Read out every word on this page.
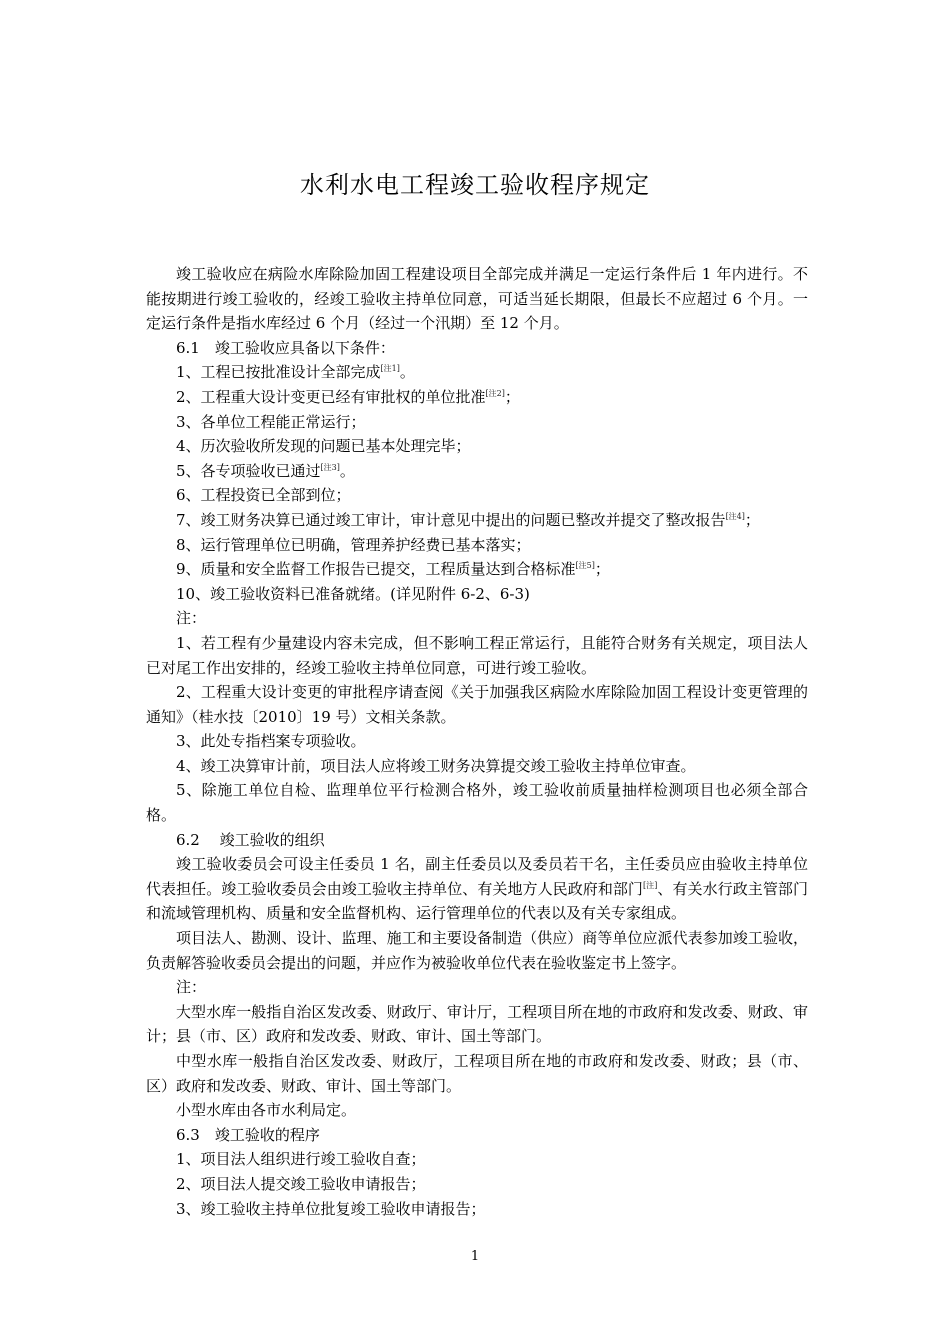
水利水电工程竣工验收程序规定

竣工验收应在病险水库除险加固工程建设项目全部完成并满足一定运行条件后 1 年内进行。不能按期进行竣工验收的，经竣工验收主持单位同意，可适当延长期限，但最长不应超过 6 个月。一定运行条件是指水库经过 6 个月（经过一个汛期）至 12 个月。

6.1　竣工验收应具备以下条件：

1、工程已按批准设计全部完成[注1]。

2、工程重大设计变更已经有审批权的单位批准[注2]；

3、各单位工程能正常运行；

4、历次验收所发现的问题已基本处理完毕；

5、各专项验收已通过[注3]。

6、工程投资已全部到位；

7、竣工财务决算已通过竣工审计，审计意见中提出的问题已整改并提交了整改报告[注4]；

8、运行管理单位已明确，管理养护经费已基本落实；

9、质量和安全监督工作报告已提交，工程质量达到合格标准[注5]；

10、竣工验收资料已准备就绪。(详见附件 6-2、6-3)

注：

1、若工程有少量建设内容未完成，但不影响工程正常运行，且能符合财务有关规定，项目法人已对尾工作出安排的，经竣工验收主持单位同意，可进行竣工验收。

2、工程重大设计变更的审批程序请查阅《关于加强我区病险水库除险加固工程设计变更管理的通知》（桂水技〔2010〕19 号）文相关条款。

3、此处专指档案专项验收。

4、竣工决算审计前，项目法人应将竣工财务决算提交竣工验收主持单位审查。

5、除施工单位自检、监理单位平行检测合格外，竣工验收前质量抽样检测项目也必须全部合格。

6.2　 竣工验收的组织

竣工验收委员会可设主任委员 1 名，副主任委员以及委员若干名，主任委员应由验收主持单位代表担任。竣工验收委员会由竣工验收主持单位、有关地方人民政府和部门[注]、有关水行政主管部门和流域管理机构、质量和安全监督机构、运行管理单位的代表以及有关专家组成。

项目法人、勘测、设计、监理、施工和主要设备制造（供应）商等单位应派代表参加竣工验收，负责解答验收委员会提出的问题，并应作为被验收单位代表在验收鉴定书上签字。

注：

大型水库一般指自治区发改委、财政厅、审计厅，工程项目所在地的市政府和发改委、财政、审计；县（市、区）政府和发改委、财政、审计、国土等部门。

中型水库一般指自治区发改委、财政厅，工程项目所在地的市政府和发改委、财政；县（市、区）政府和发改委、财政、审计、国土等部门。

小型水库由各市水利局定。

6.3　竣工验收的程序

1、项目法人组织进行竣工验收自查；

2、项目法人提交竣工验收申请报告；

3、竣工验收主持单位批复竣工验收申请报告；

1
